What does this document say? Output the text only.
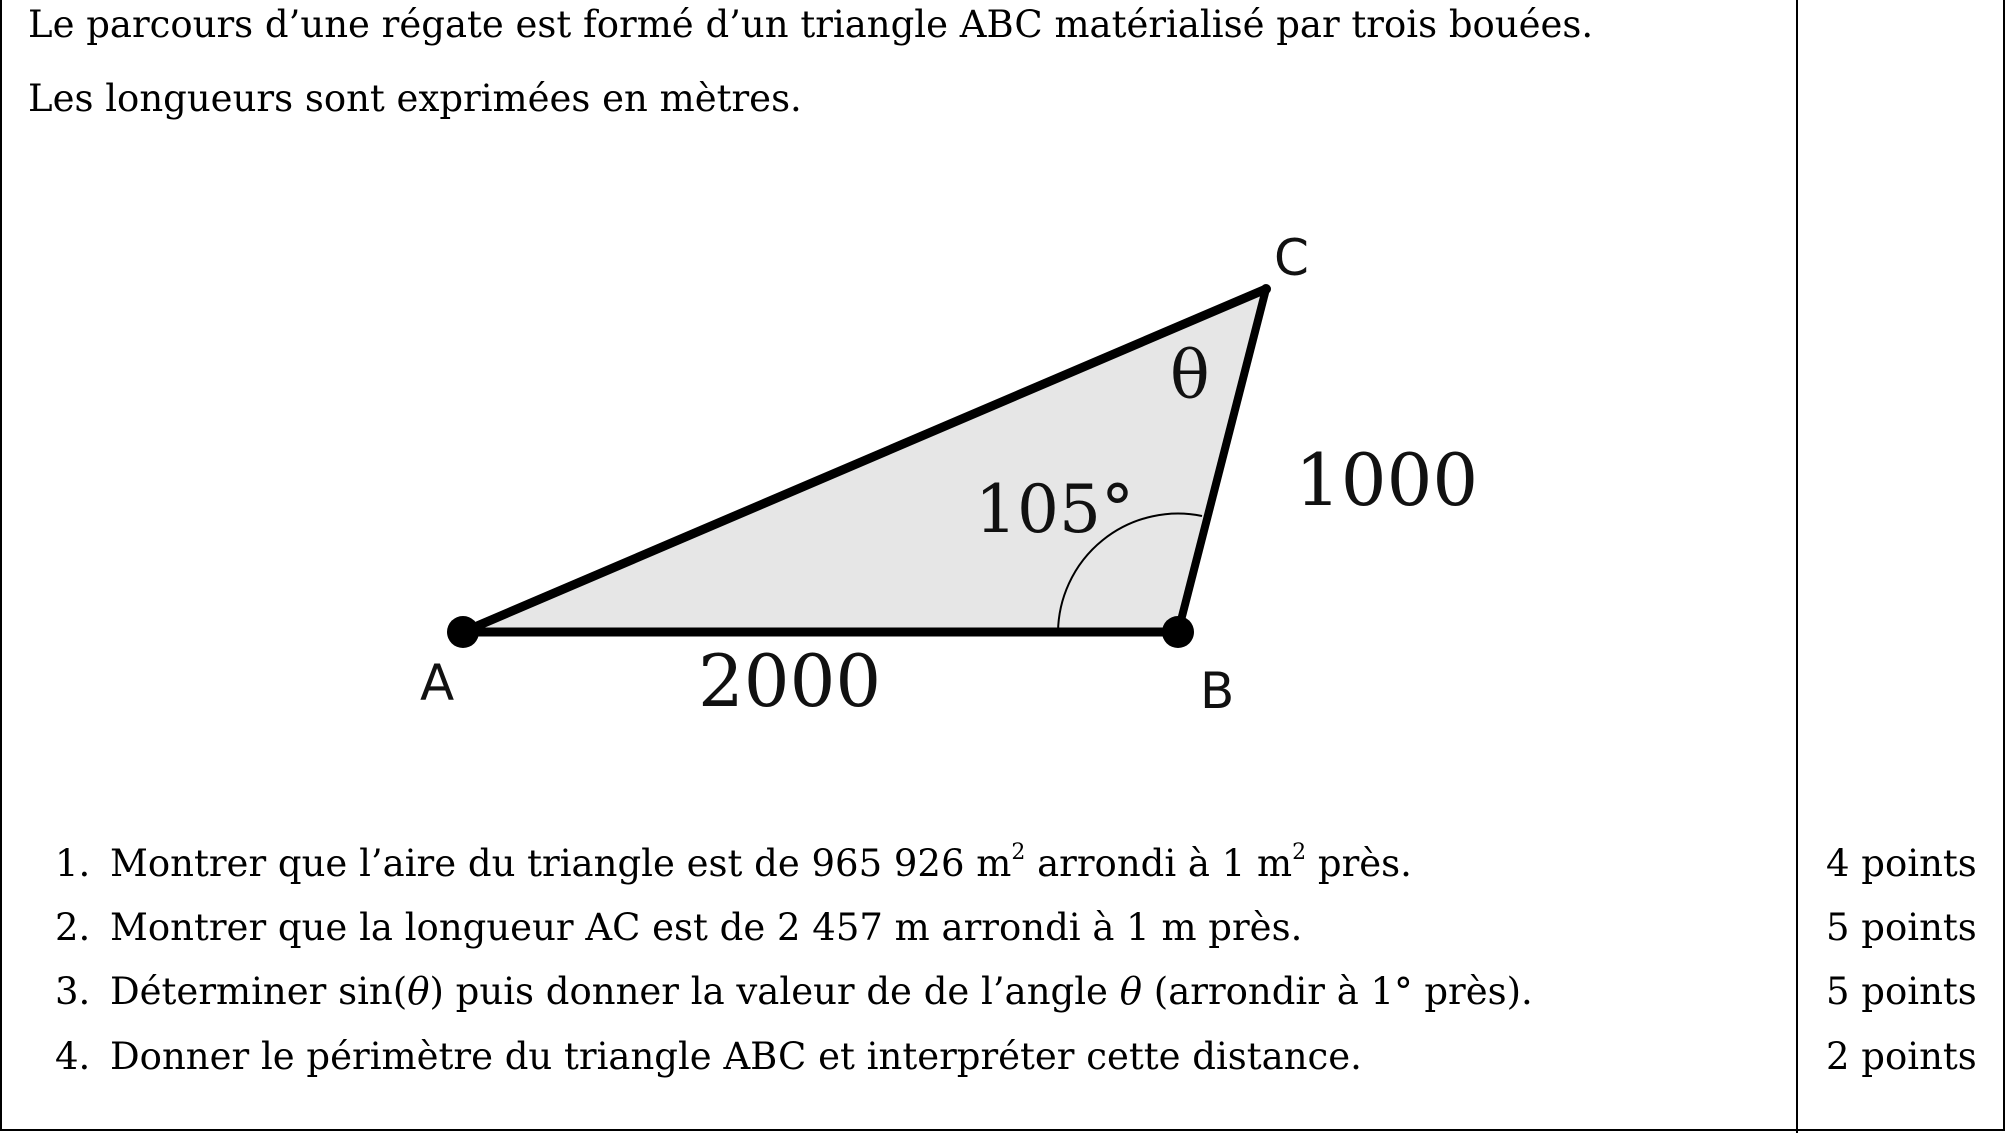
Le parcours d’une régate est formé d’un triangle ABC matérialisé par trois bouées.
Les longueurs sont exprimées en mètres.
A	B
C
2000
1000
105°
θ
1. Montrer que l’aire du triangle est de 965 926 $m^2$ arrondi à 1 $m^2$ près.	4 points
2. Montrer que la longueur AC est de 2 457 m arrondi à 1 m près.	5 points
3. Déterminer sin(θ) puis donner la valeur de de l’angle θ (arrondir à 1° près).	5 points
4. Donner le périmètre du triangle ABC et interpréter cette distance.	2 points
